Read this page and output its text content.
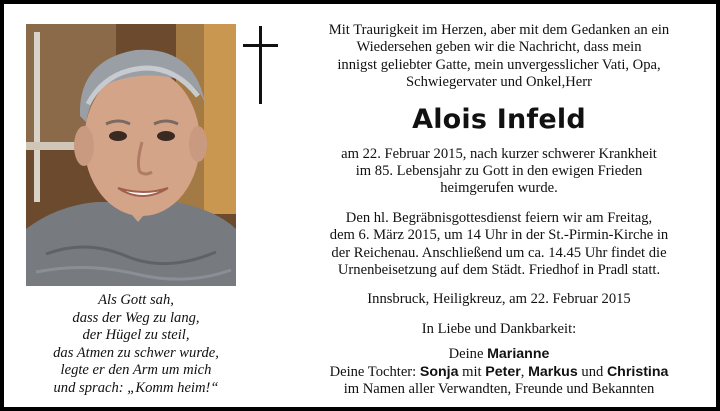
Als Gott sah,
dass der Weg zu lang,
der Hügel zu steil,
das Atmen zu schwer wurde,
legte er den Arm um mich
und sprach: „Komm heim!“
Mit Traurigkeit im Herzen, aber mit dem Gedanken an ein
Wiedersehen geben wir die Nachricht, dass mein
innigst geliebter Gatte, mein unvergesslicher Vati, Opa,
Schwiegervater und Onkel,Herr
Alois Infeld
am 22. Februar 2015, nach kurzer schwerer Krankheit
im 85. Lebensjahr zu Gott in den ewigen Frieden
heimgerufen wurde.
Den hl. Begräbnisgottesdienst feiern wir am Freitag,
dem 6. März 2015, um 14 Uhr in der St.-Pirmin-Kirche in
der Reichenau. Anschließend um ca. 14.45 Uhr findet die
Urnenbeisetzung auf dem Städt. Friedhof in Pradl statt.
Innsbruck, Heiligkreuz, am 22. Februar 2015
In Liebe und Dankbarkeit:
Deine Marianne
Deine Tochter: Sonja mit Peter, Markus und Christina
im Namen aller Verwandten, Freunde und Bekannten
